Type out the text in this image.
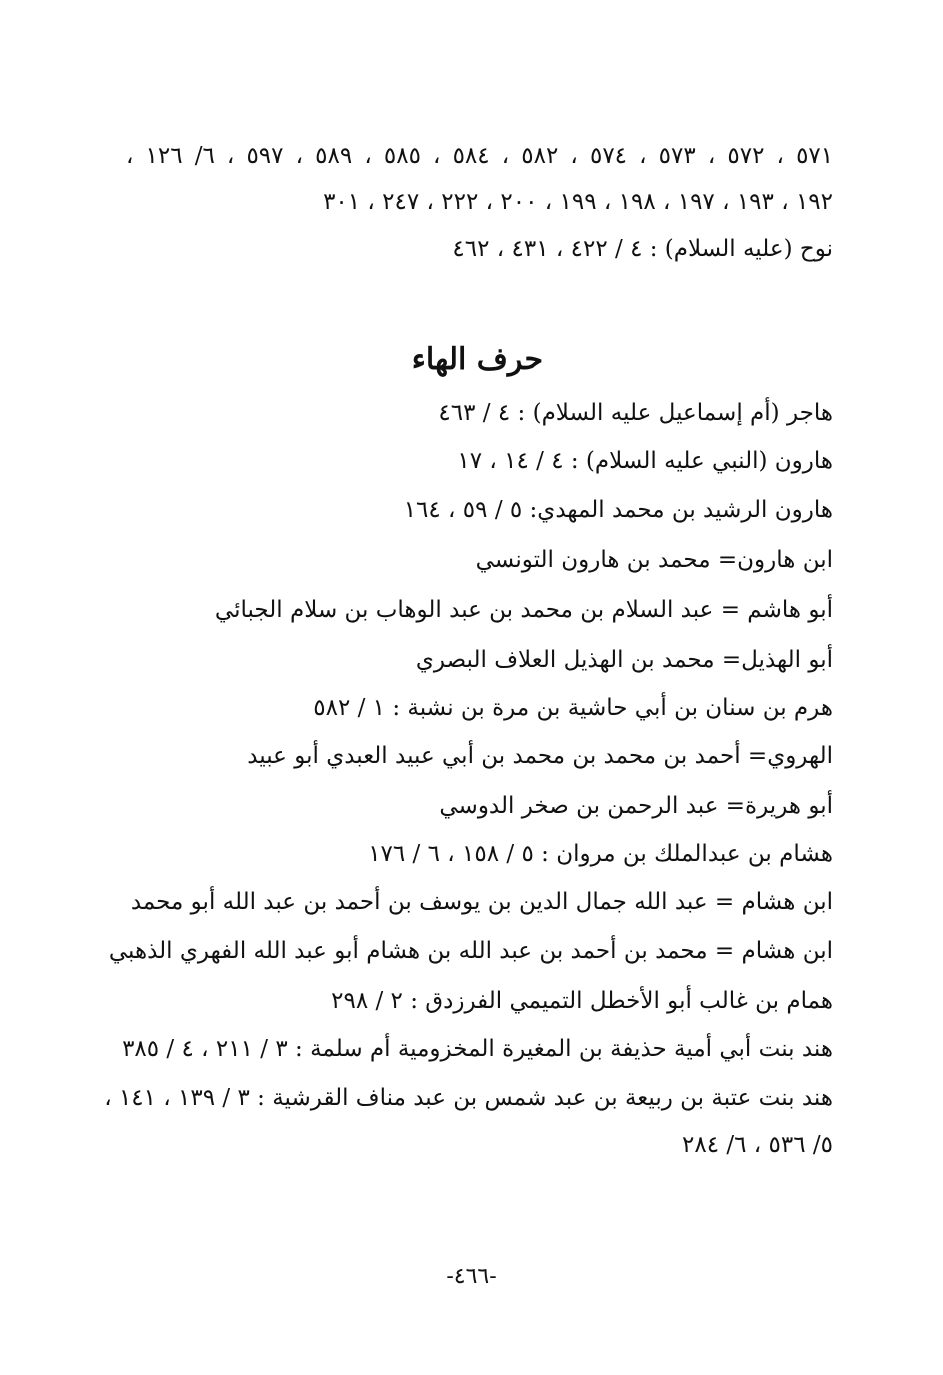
٥٧١ ، ٥٧٢ ، ٥٧٣ ، ٥٧٤ ، ٥٨٢ ، ٥٨٤ ، ٥٨٥ ، ٥٨٩ ، ٥٩٧ ، ٦/ ١٢٦ ،
١٩٢ ، ١٩٣ ، ١٩٧ ، ١٩٨ ، ١٩٩ ، ٢٠٠ ، ٢٢٢ ، ٢٤٧ ، ٣٠١
نوح (عليه السلام) : ٤ / ٤٢٢ ، ٤٣١ ، ٤٦٢
حرف الهاء
هاجر (أم إسماعيل عليه السلام) : ٤ / ٤٦٣
هارون (النبي عليه السلام) : ٤ / ١٤ ، ١٧
هارون الرشيد بن محمد المهدي: ٥ / ٥٩ ، ١٦٤
ابن هارون= محمد بن هارون التونسي
أبو هاشم = عبد السلام بن محمد بن عبد الوهاب بن سلام الجبائي
أبو الهذيل= محمد بن الهذيل العلاف البصري
هرم بن سنان بن أبي حاشية بن مرة بن نشبة : ١ / ٥٨٢
الهروي= أحمد بن محمد بن محمد بن أبي عبيد العبدي أبو عبيد
أبو هريرة= عبد الرحمن بن صخر الدوسي
هشام بن عبدالملك بن مروان : ٥ / ١٥٨ ، ٦ / ١٧٦
ابن هشام = عبد الله جمال الدين بن يوسف بن أحمد بن عبد الله أبو محمد
ابن هشام = محمد بن أحمد بن عبد الله بن هشام أبو عبد الله الفهري الذهبي
همام بن غالب أبو الأخطل التميمي الفرزدق : ٢ / ٢٩٨
هند بنت أبي أمية حذيفة بن المغيرة المخزومية أم سلمة : ٣ / ٢١١ ، ٤ / ٣٨٥
هند بنت عتبة بن ربيعة بن عبد شمس بن عبد مناف القرشية : ٣ / ١٣٩ ، ١٤١ ،
٥/ ٥٣٦ ، ٦/ ٢٨٤
-٤٦٦-
